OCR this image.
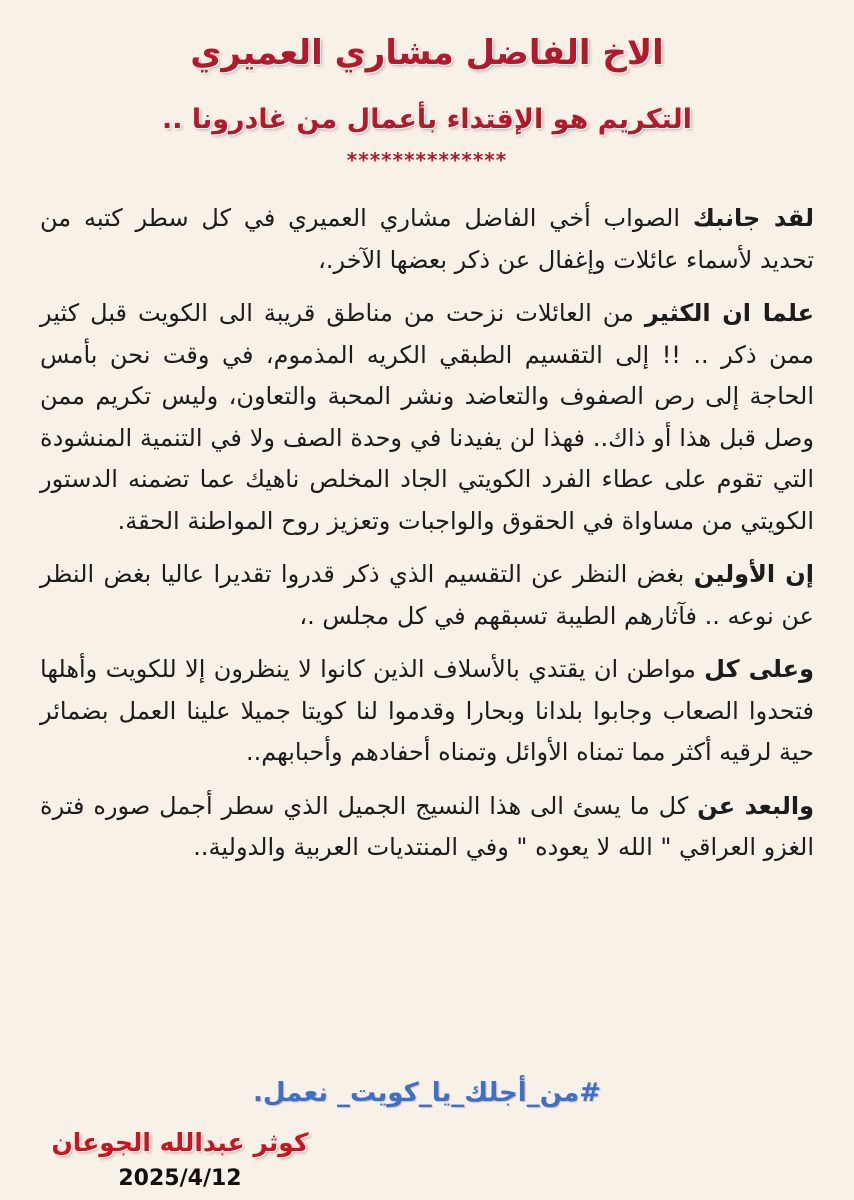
الاخ الفاضل مشاري العميري
التكريم هو الإقتداء بأعمال من غادرونا ..
**************

لقد جانبك الصواب أخي الفاضل مشاري العميري في كل سطر كتبه من تحديد لأسماء عائلات وإغفال عن ذكر بعضها الآخر.،

علما ان الكثير من العائلات نزحت من مناطق قريبة الى الكويت قبل كثير ممن ذكر .. !! إلى التقسيم الطبقي الكريه المذموم، في وقت نحن بأمس الحاجة إلى رص الصفوف والتعاضد ونشر المحبة والتعاون، وليس تكريم ممن وصل قبل هذا أو ذاك.. فهذا لن يفيدنا في وحدة الصف ولا في التنمية المنشودة التي تقوم على عطاء الفرد الكويتي الجاد المخلص ناهيك عما تضمنه الدستور الكويتي من مساواة في الحقوق والواجبات وتعزيز روح المواطنة الحقة.

إن الأولين بغض النظر عن التقسيم الذي ذكر قدروا تقديرا عاليا بغض النظر عن نوعه .. فآثارهم الطيبة تسبقهم في كل مجلس .،

وعلى كل مواطن ان يقتدي بالأسلاف الذين كانوا لا ينظرون إلا للكويت وأهلها فتحدوا الصعاب وجابوا بلدانا وبحارا وقدموا لنا كويتا جميلا علينا العمل بضمائر حية لرقيه أكثر مما تمناه الأوائل وتمناه أحفادهم وأحبابهم..

والبعد عن كل ما يسئ الى هذا النسيج الجميل الذي سطر أجمل صوره فترة الغزو العراقي " الله لا يعوده " وفي المنتديات العربية والدولية..

#من_أجلك_يا_كويت_ نعمل.
كوثر عبدالله الجوعان
2025/4/12
